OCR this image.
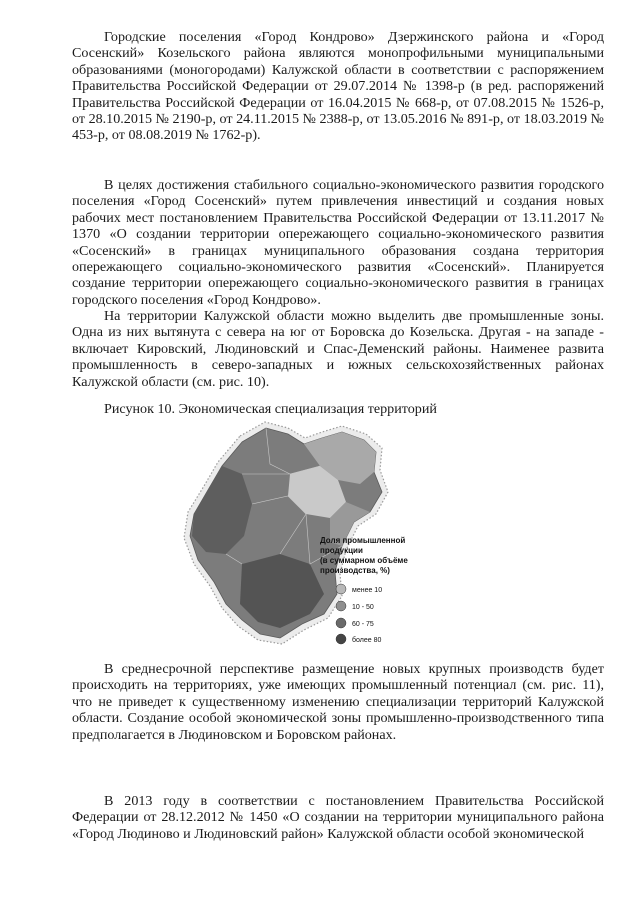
Городские поселения «Город Кондрово» Дзержинского района и «Город Сосенский» Козельского района являются монопрофильными муниципальными образованиями (моногородами) Калужской области в соответствии с распоряжением Правительства Российской Федерации от 29.07.2014 № 1398-р (в ред. распоряжений Правительства Российской Федерации от 16.04.2015 № 668-р, от 07.08.2015 № 1526-р, от 28.10.2015 № 2190-р, от 24.11.2015 № 2388-р, от 13.05.2016 № 891-р, от 18.03.2019 № 453-р, от 08.08.2019 № 1762-р).

В целях достижения стабильного социально-экономического развития городского поселения «Город Сосенский» путем привлечения инвестиций и создания новых рабочих мест постановлением Правительства Российской Федерации от 13.11.2017 № 1370 «О создании территории опережающего социально-экономического развития «Сосенский» в границах муниципального образования создана территория опережающего социально-экономического развития «Сосенский». Планируется создание территории опережающего социально-экономического развития в границах городского поселения «Город Кондрово».

На территории Калужской области можно выделить две промышленные зоны. Одна из них вытянута с севера на юг от Боровска до Козельска. Другая - на западе - включает Кировский, Людиновский и Спас-Деменский районы. Наименее развита промышленность в северо-западных и южных сельскохозяйственных районах Калужской области (см. рис. 10).

Рисунок 10. Экономическая специализация территорий
Доля промышленной
продукции
(в суммарном объёме
производства, %)
менее 10
10 - 50
60 - 75
более 80

В среднесрочной перспективе размещение новых крупных производств будет происходить на территориях, уже имеющих промышленный потенциал (см. рис. 11), что не приведет к существенному изменению специализации территорий Калужской области. Создание особой экономической зоны промышленно-производственного типа предполагается в Людиновском и Боровском районах.

В 2013 году в соответствии с постановлением Правительства Российской Федерации от 28.12.2012 № 1450 «О создании на территории муниципального района «Город Людиново и Людиновский район» Калужской области особой экономической
